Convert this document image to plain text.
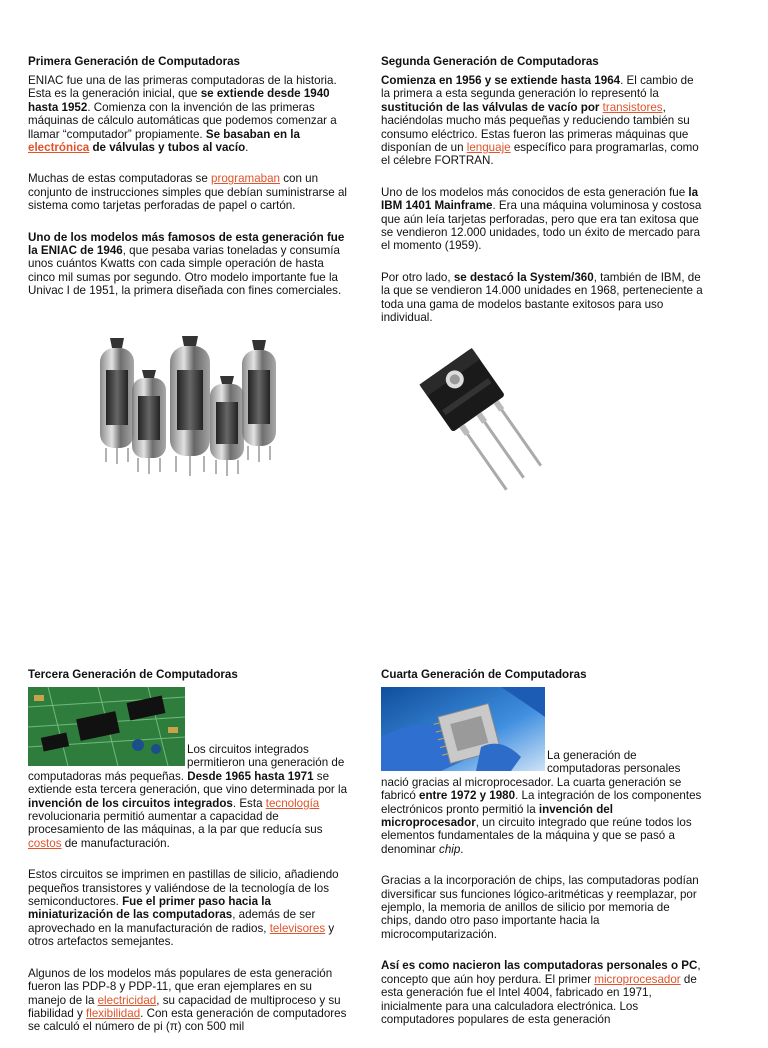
Primera Generación de Computadoras

ENIAC fue una de las primeras computadoras de la historia. Esta es la generación inicial, que se extiende desde 1940 hasta 1952. Comienza con la invención de las primeras máquinas de cálculo automáticas que podemos comenzar a llamar “computador” propiamente. Se basaban en la electrónica de válvulas y tubos al vacío.

Muchas de estas computadoras se programaban con un conjunto de instrucciones simples que debían suministrarse al sistema como tarjetas perforadas de papel o cartón.

Uno de los modelos más famosos de esta generación fue la ENIAC de 1946, que pesaba varias toneladas y consumía unos cuántos Kwatts con cada simple operación de hasta cinco mil sumas por segundo. Otro modelo importante fue la Univac I de 1951, la primera diseñada con fines comerciales.

Segunda Generación de Computadoras

Comienza en 1956 y se extiende hasta 1964. El cambio de la primera a esta segunda generación lo representó la sustitución de las válvulas de vacío por transistores, haciéndolas mucho más pequeñas y reduciendo también su consumo eléctrico. Estas fueron las primeras máquinas que disponían de un lenguaje específico para programarlas, como el célebre FORTRAN.

Uno de los modelos más conocidos de esta generación fue la IBM 1401 Mainframe. Era una máquina voluminosa y costosa que aún leía tarjetas perforadas, pero que era tan exitosa que se vendieron 12.000 unidades, todo un éxito de mercado para el momento (1959).

Por otro lado, se destacó la System/360, también de IBM, de la que se vendieron 14.000 unidades en 1968, perteneciente a toda una gama de modelos bastante exitosos para uso individual.

Tercera Generación de Computadoras

Los circuitos integrados permitieron una generación de computadoras más pequeñas. Desde 1965 hasta 1971 se extiende esta tercera generación, que vino determinada por la invención de los circuitos integrados. Esta tecnología revolucionaria permitió aumentar a capacidad de procesamiento de las máquinas, a la par que reducía sus costos de manufacturación.

Estos circuitos se imprimen en pastillas de silicio, añadiendo pequeños transistores y valiéndose de la tecnología de los semiconductores. Fue el primer paso hacia la miniaturización de las computadoras, además de ser aprovechado en la manufacturación de radios, televisores y otros artefactos semejantes.

Algunos de los modelos más populares de esta generación fueron las PDP-8 y PDP-11, que eran ejemplares en su manejo de la electricidad, su capacidad de multiproceso y su fiabilidad y flexibilidad. Con esta generación de computadores se calculó el número de pi (π) con 500 mil

Cuarta Generación de Computadoras

La generación de computadoras personales nació gracias al microprocesador. La cuarta generación se fabricó entre 1972 y 1980. La integración de los componentes electrónicos pronto permitió la invención del microprocesador, un circuito integrado que reúne todos los elementos fundamentales de la máquina y que se pasó a denominar chip.

Gracias a la incorporación de chips, las computadoras podían diversificar sus funciones lógico-aritméticas y reemplazar, por ejemplo, la memoria de anillos de silicio por memoria de chips, dando otro paso importante hacia la microcomputarización.

Así es como nacieron las computadoras personales o PC, concepto que aún hoy perdura. El primer microprocesador de esta generación fue el Intel 4004, fabricado en 1971, inicialmente para una calculadora electrónica. Los computadores populares de esta generación
